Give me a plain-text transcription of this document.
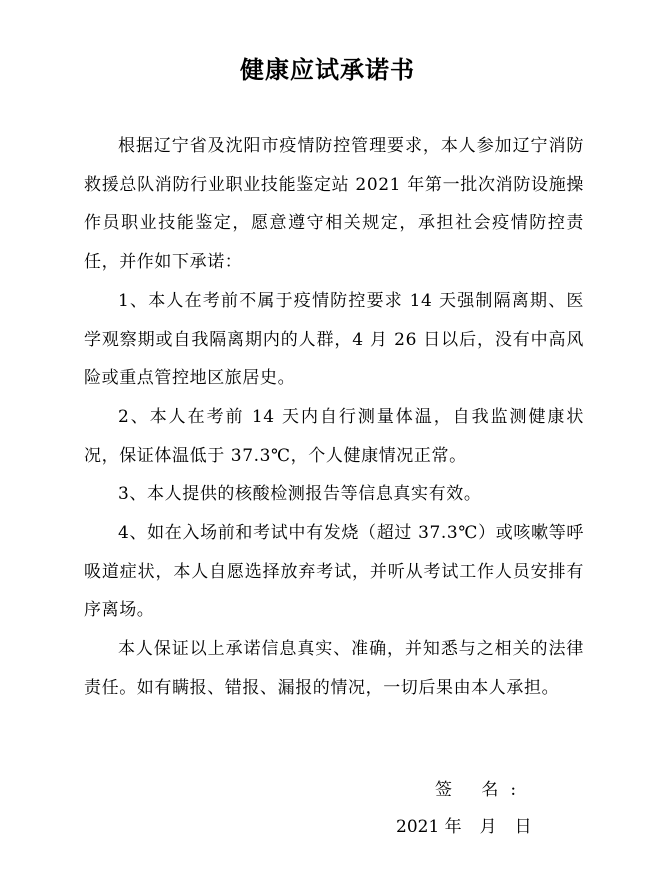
健康应试承诺书

根据辽宁省及沈阳市疫情防控管理要求，本人参加辽宁消防救援总队消防行业职业技能鉴定站 2021 年第一批次消防设施操作员职业技能鉴定，愿意遵守相关规定，承担社会疫情防控责任，并作如下承诺：

1、本人在考前不属于疫情防控要求 14 天强制隔离期、医学观察期或自我隔离期内的人群，4 月 26 日以后，没有中高风险或重点管控地区旅居史。

2、本人在考前 14 天内自行测量体温，自我监测健康状况，保证体温低于 37.3℃，个人健康情况正常。

3、本人提供的核酸检测报告等信息真实有效。

4、如在入场前和考试中有发烧（超过 37.3℃）或咳嗽等呼吸道症状，本人自愿选择放弃考试，并听从考试工作人员安排有序离场。

本人保证以上承诺信息真实、准确，并知悉与之相关的法律责任。如有瞒报、错报、漏报的情况，一切后果由本人承担。

签 名:
2021 年 月 日
